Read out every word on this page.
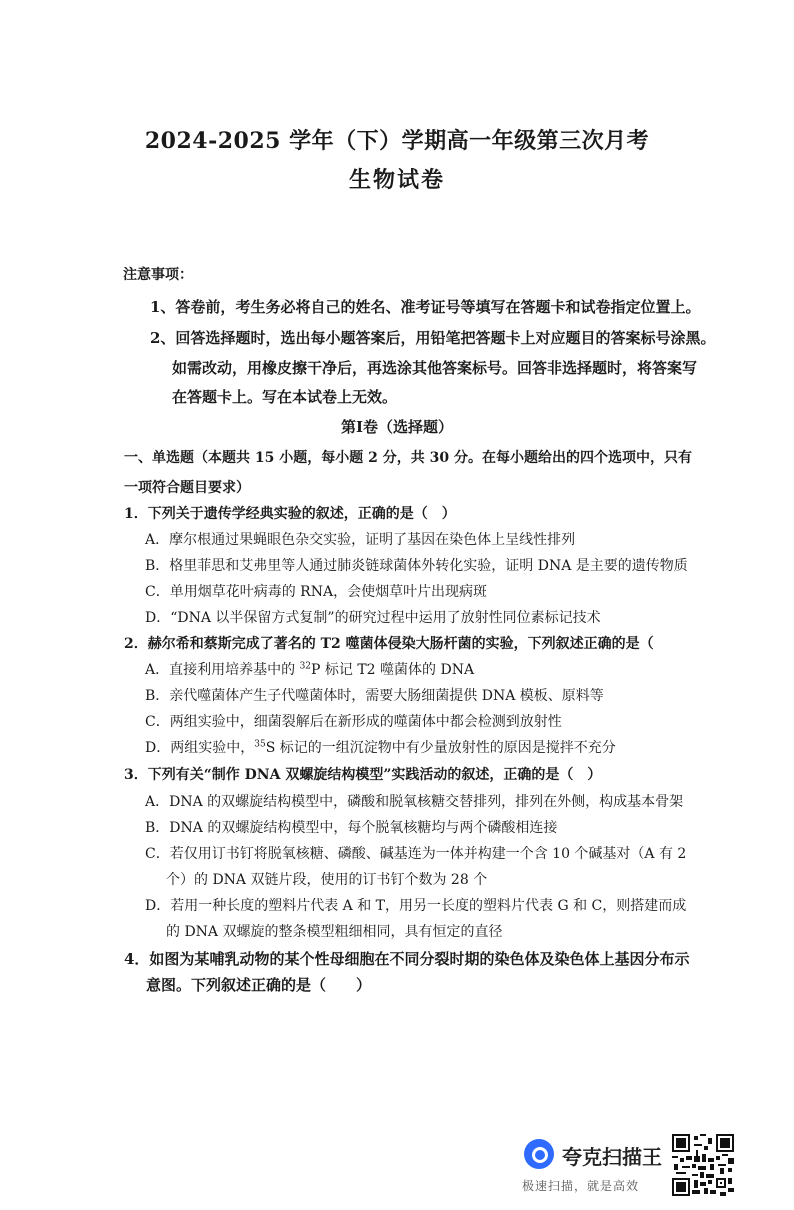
2024-2025 学年（下）学期高一年级第三次月考
生物试卷
注意事项：
1、答卷前，考生务必将自己的姓名、准考证号等填写在答题卡和试卷指定位置上。
2、回答选择题时，选出每小题答案后，用铅笔把答题卡上对应题目的答案标号涂黑。
如需改动，用橡皮擦干净后，再选涂其他答案标号。回答非选择题时，将答案写
在答题卡上。写在本试卷上无效。
第Ⅰ卷（选择题）
一、单选题（本题共 15 小题，每小题 2 分，共 30 分。在每小题给出的四个选项中，只有
一项符合题目要求）
1．下列关于遗传学经典实验的叙述，正确的是（　）
A．摩尔根通过果蝇眼色杂交实验，证明了基因在染色体上呈线性排列
B．格里菲思和艾弗里等人通过肺炎链球菌体外转化实验，证明 DNA 是主要的遗传物质
C．单用烟草花叶病毒的 RNA，会使烟草叶片出现病斑
D．“DNA 以半保留方式复制”的研究过程中运用了放射性同位素标记技术
2．赫尔希和蔡斯完成了著名的 T2 噬菌体侵染大肠杆菌的实验，下列叙述正确的是（
A．直接利用培养基中的 $^{32}$P 标记 T2 噬菌体的 DNA
B．亲代噬菌体产生子代噬菌体时，需要大肠细菌提供 DNA 模板、原料等
C．两组实验中，细菌裂解后在新形成的噬菌体中都会检测到放射性
D．两组实验中，$^{35}$S 标记的一组沉淀物中有少量放射性的原因是搅拌不充分
3．下列有关“制作 DNA 双螺旋结构模型”实践活动的叙述，正确的是（　）
A．DNA 的双螺旋结构模型中，磷酸和脱氧核糖交替排列，排列在外侧，构成基本骨架
B．DNA 的双螺旋结构模型中，每个脱氧核糖均与两个磷酸相连接
C．若仅用订书钉将脱氧核糖、磷酸、碱基连为一体并构建一个含 10 个碱基对（A 有 2
个）的 DNA 双链片段，使用的订书钉个数为 28 个
D．若用一种长度的塑料片代表 A 和 T，用另一长度的塑料片代表 G 和 C，则搭建而成
的 DNA 双螺旋的整条模型粗细相同，具有恒定的直径
4．如图为某哺乳动物的某个性母细胞在不同分裂时期的染色体及染色体上基因分布示
意图。下列叙述正确的是（　　）
夸克扫描王
极速扫描，就是高效
